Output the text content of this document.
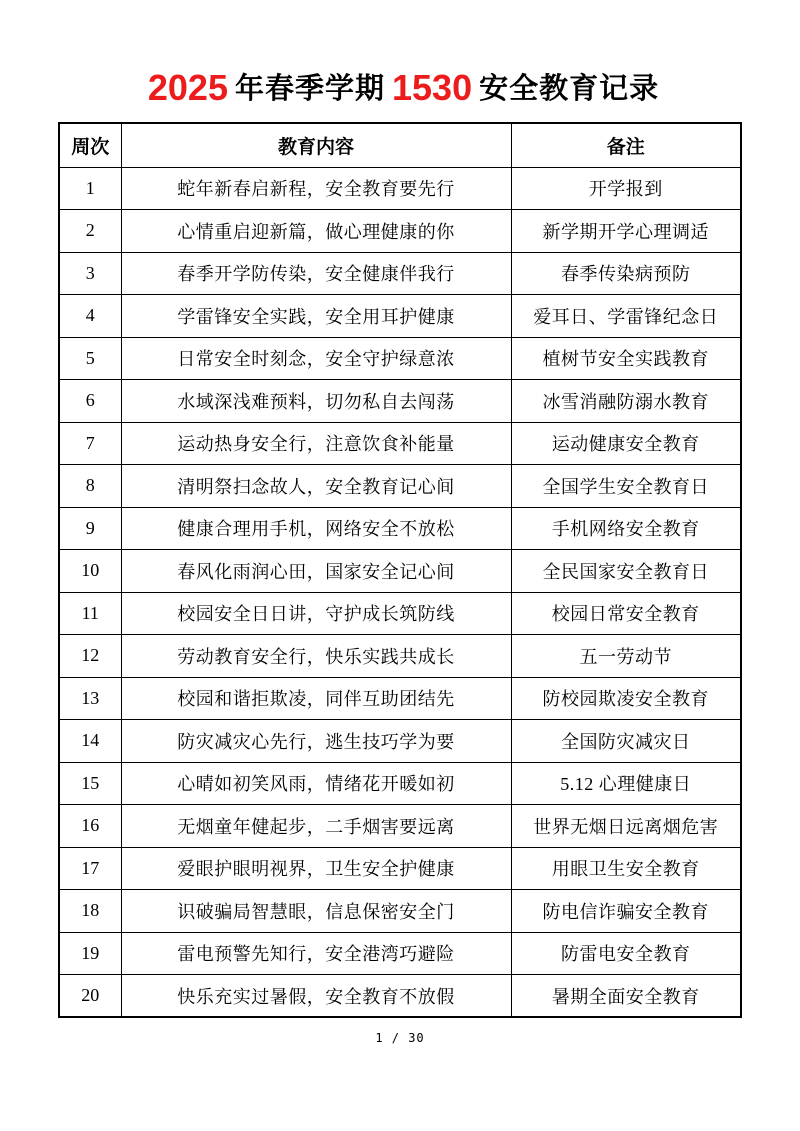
2025 年春季学期 1530 安全教育记录
周次	教育内容	备注
1	蛇年新春启新程，安全教育要先行	开学报到
2	心情重启迎新篇，做心理健康的你	新学期开学心理调适
3	春季开学防传染，安全健康伴我行	春季传染病预防
4	学雷锋安全实践，安全用耳护健康	爱耳日、学雷锋纪念日
5	日常安全时刻念，安全守护绿意浓	植树节安全实践教育
6	水域深浅难预料，切勿私自去闯荡	冰雪消融防溺水教育
7	运动热身安全行，注意饮食补能量	运动健康安全教育
8	清明祭扫念故人，安全教育记心间	全国学生安全教育日
9	健康合理用手机，网络安全不放松	手机网络安全教育
10	春风化雨润心田，国家安全记心间	全民国家安全教育日
11	校园安全日日讲，守护成长筑防线	校园日常安全教育
12	劳动教育安全行，快乐实践共成长	五一劳动节
13	校园和谐拒欺凌，同伴互助团结先	防校园欺凌安全教育
14	防灾减灾心先行，逃生技巧学为要	全国防灾减灾日
15	心晴如初笑风雨，情绪花开暖如初	5.12 心理健康日
16	无烟童年健起步，二手烟害要远离	世界无烟日远离烟危害
17	爱眼护眼明视界，卫生安全护健康	用眼卫生安全教育
18	识破骗局智慧眼，信息保密安全门	防电信诈骗安全教育
19	雷电预警先知行，安全港湾巧避险	防雷电安全教育
20	快乐充实过暑假，安全教育不放假	暑期全面安全教育
1 / 30
